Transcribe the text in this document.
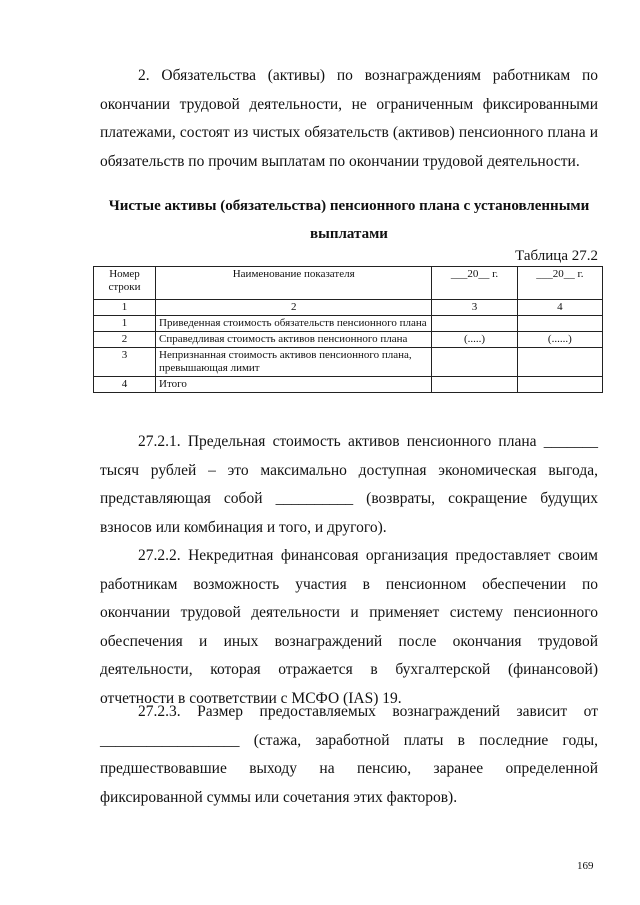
2. Обязательства (активы) по вознаграждениям работникам по окончании трудовой деятельности, не ограниченным фиксированными платежами, состоят из чистых обязательств (активов) пенсионного плана и обязательств по прочим выплатам по окончании трудовой деятельности.

Чистые активы (обязательства) пенсионного плана с установленными выплатами

Таблица 27.2
Номер строки	Наименование показателя	___20__ г.	___20__ г.
1	2	3	4
1	Приведенная стоимость обязательств пенсионного плана		
2	Справедливая стоимость активов пенсионного плана	(.....)	(......)
3	Непризнанная стоимость активов пенсионного плана, превышающая лимит		
4	Итого		

27.2.1. Предельная стоимость активов пенсионного плана _______ тысяч рублей – это максимально доступная экономическая выгода, представляющая собой __________ (возвраты, сокращение будущих взносов или комбинация и того, и другого).

27.2.2. Некредитная финансовая организация предоставляет своим работникам возможность участия в пенсионном обеспечении по окончании трудовой деятельности и применяет систему пенсионного обеспечения и иных вознаграждений после окончания трудовой деятельности, которая отражается в бухгалтерской (финансовой) отчетности в соответствии с МСФО (IAS) 19.

27.2.3. Размер предоставляемых вознаграждений зависит от __________________ (стажа, заработной платы в последние годы, предшествовавшие выходу на пенсию, заранее определенной фиксированной суммы или сочетания этих факторов).

169
